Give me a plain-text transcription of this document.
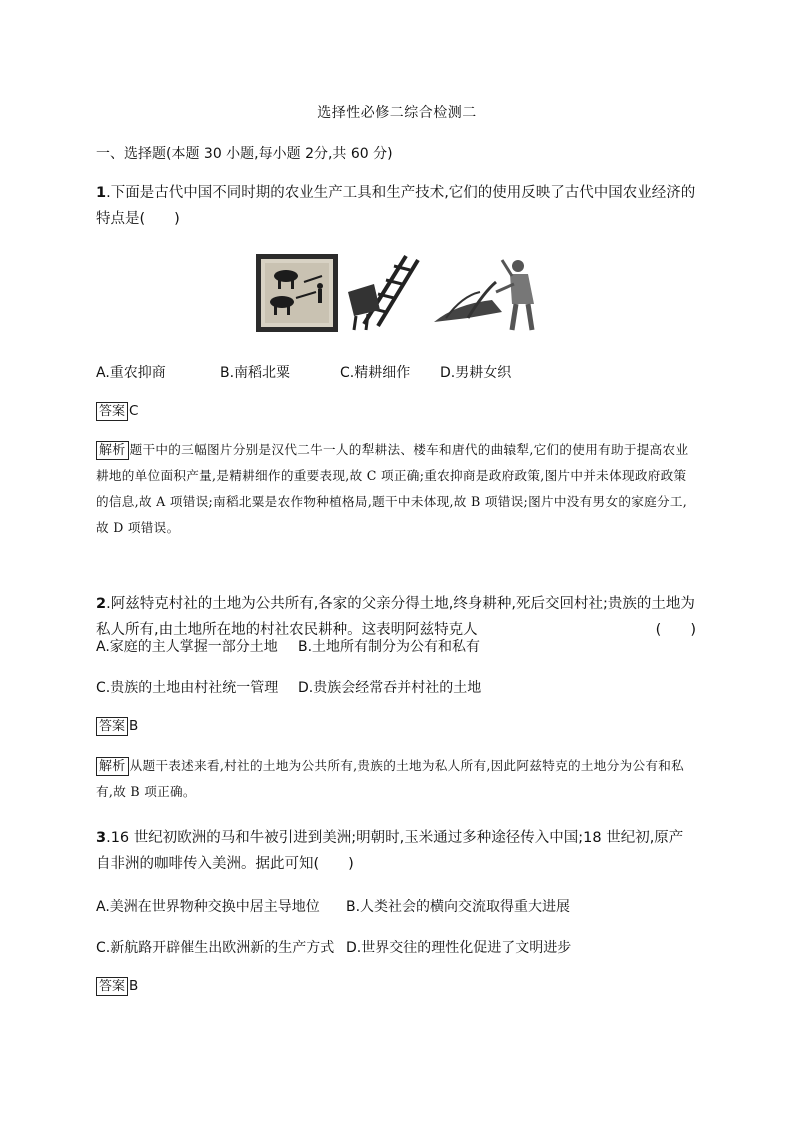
选择性必修二综合检测二
一、选择题(本题 30 小题,每小题 2分,共 60 分)
1.下面是古代中国不同时期的农业生产工具和生产技术,它们的使用反映了古代中国农业经济的特点是(　　)
A.重农抑商	B.南稻北粟	C.精耕细作 D.男耕女织
答案 C
解析 题干中的三幅图片分别是汉代二牛一人的犁耕法、楼车和唐代的曲辕犁,它们的使用有助于提高农业耕地的单位面积产量,是精耕细作的重要表现,故 C 项正确;重农抑商是政府政策,图片中并未体现政府政策的信息,故 A 项错误;南稻北粟是农作物种植格局,题干中未体现,故 B 项错误;图片中没有男女的家庭分工,故 D 项错误。
2.阿兹特克村社的土地为公共所有,各家的父亲分得土地,终身耕种,死后交回村社;贵族的土地为私人所有,由土地所在地的村社农民耕种。这表明阿兹特克人	(　　)
A.家庭的主人掌握一部分土地 B.土地所有制分为公有和私有
C.贵族的土地由村社统一管理 D.贵族会经常吞并村社的土地
答案 B
解析 从题干表述来看,村社的土地为公共所有,贵族的土地为私人所有,因此阿兹特克的土地分为公有和私有,故 B 项正确。
3.16 世纪初欧洲的马和牛被引进到美洲;明朝时,玉米通过多种途径传入中国;18 世纪初,原产自非洲的咖啡传入美洲。据此可知(　　)
A.美洲在世界物种交换中居主导地位 B.人类社会的横向交流取得重大进展
C.新航路开辟催生出欧洲新的生产方式 D.世界交往的理性化促进了文明进步
答案 B
